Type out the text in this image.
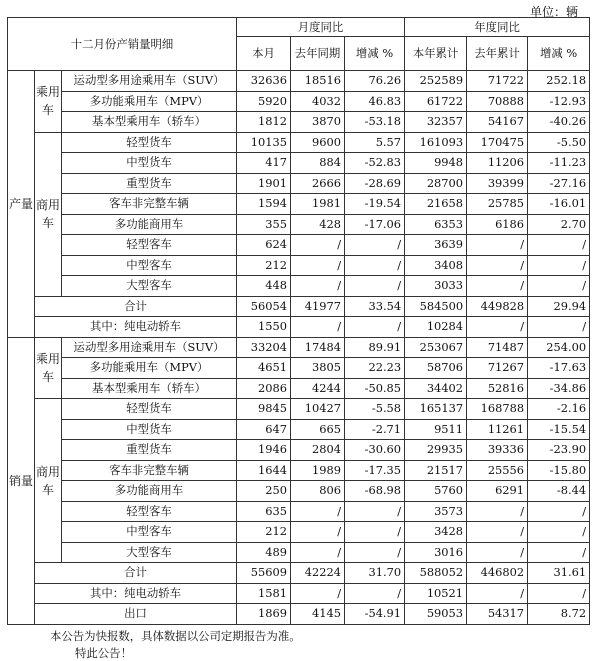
单位：辆
十二月份产销量明细			月度同比			年度同比		
			本月	去年同期	增减 %	本年累计	去年累计	增减 %
产量	乘用车	运动型多用途乘用车（SUV）	32636	18516	76.26	252589	71722	252.18
		多功能乘用车（MPV）	5920	4032	46.83	61722	70888	-12.93
		基本型乘用车（轿车）	1812	3870	-53.18	32357	54167	-40.26
	商用车	轻型货车	10135	9600	5.57	161093	170475	-5.50
		中型货车	417	884	-52.83	9948	11206	-11.23
		重型货车	1901	2666	-28.69	28700	39399	-27.16
		客车非完整车辆	1594	1981	-19.54	21658	25785	-16.01
		多功能商用车	355	428	-17.06	6353	6186	2.70
		轻型客车	624	/	/	3639	/	/
		中型客车	212	/	/	3408	/	/
		大型客车	448	/	/	3033	/	/
	合计		56054	41977	33.54	584500	449828	29.94
	其中：纯电动轿车		1550	/	/	10284	/	/
销量	乘用车	运动型多用途乘用车（SUV）	33204	17484	89.91	253067	71487	254.00
		多功能乘用车（MPV）	4651	3805	22.23	58706	71267	-17.63
		基本型乘用车（轿车）	2086	4244	-50.85	34402	52816	-34.86
	商用车	轻型货车	9845	10427	-5.58	165137	168788	-2.16
		中型货车	647	665	-2.71	9511	11261	-15.54
		重型货车	1946	2804	-30.60	29935	39336	-23.90
		客车非完整车辆	1644	1989	-17.35	21517	25556	-15.80
		多功能商用车	250	806	-68.98	5760	6291	-8.44
		轻型客车	635	/	/	3573	/	/
		中型客车	212	/	/	3428	/	/
		大型客车	489	/	/	3016	/	/
	合计		55609	42224	31.70	588052	446802	31.61
	其中：纯电动轿车		1581	/	/	10521	/	/
	出口		1869	4145	-54.91	59053	54317	8.72
本公告为快报数，具体数据以公司定期报告为准。
特此公告！
